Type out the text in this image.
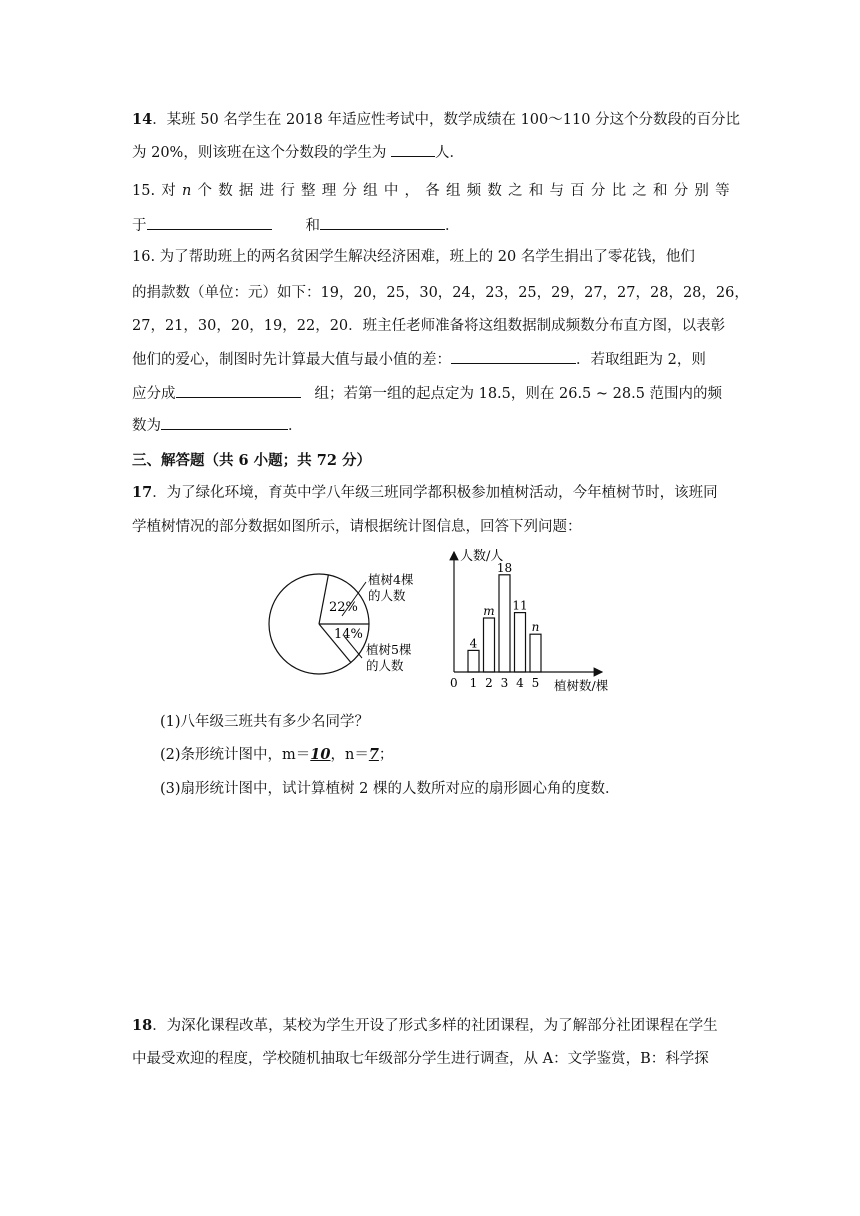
14．某班 50 名学生在 2018 年适应性考试中，数学成绩在 100～110 分这个分数段的百分比
为 20%，则该班在这个分数段的学生为	人．
15. 对 n 个 数 据 进 行 整 理 分 组 中 ， 各 组 频 数 之 和 与 百 分 比 之 和 分 别 等
于	和	．
16. 为了帮助班上的两名贫困学生解决经济困难，班上的 20 名学生捐出了零花钱，他们
的捐款数（单位：元）如下：19，20，25，30，24，23，25，29，27，27，28，28，26，
27，21，30，20，19，22，20．班主任老师准备将这组数据制成频数分布直方图，以表彰
他们的爱心，制图时先计算最大值与最小值的差：	．若取组距为 2，则
应分成	组；若第一组的起点定为 18.5，则在 26.5 ~ 28.5 范围内的频
数为	．
三、解答题（共 6 小题；共 72 分）
17．为了绿化环境，育英中学八年级三班同学都积极参加植树活动，今年植树节时，该班同
学植树情况的部分数据如图所示，请根据统计图信息，回答下列问题：
22%
14%
植树4棵
的人数
植树5棵
的人数
人数/人
植树数/棵
0
4
1
m
2
18
3
11
4
n
5
(1)八年级三班共有多少名同学？
(2)条形统计图中，m＝10，n＝7；
(3)扇形统计图中，试计算植树 2 棵的人数所对应的扇形圆心角的度数．
18．为深化课程改革，某校为学生开设了形式多样的社团课程，为了解部分社团课程在学生
中最受欢迎的程度，学校随机抽取七年级部分学生进行调查，从 A：文学鉴赏，B：科学探
